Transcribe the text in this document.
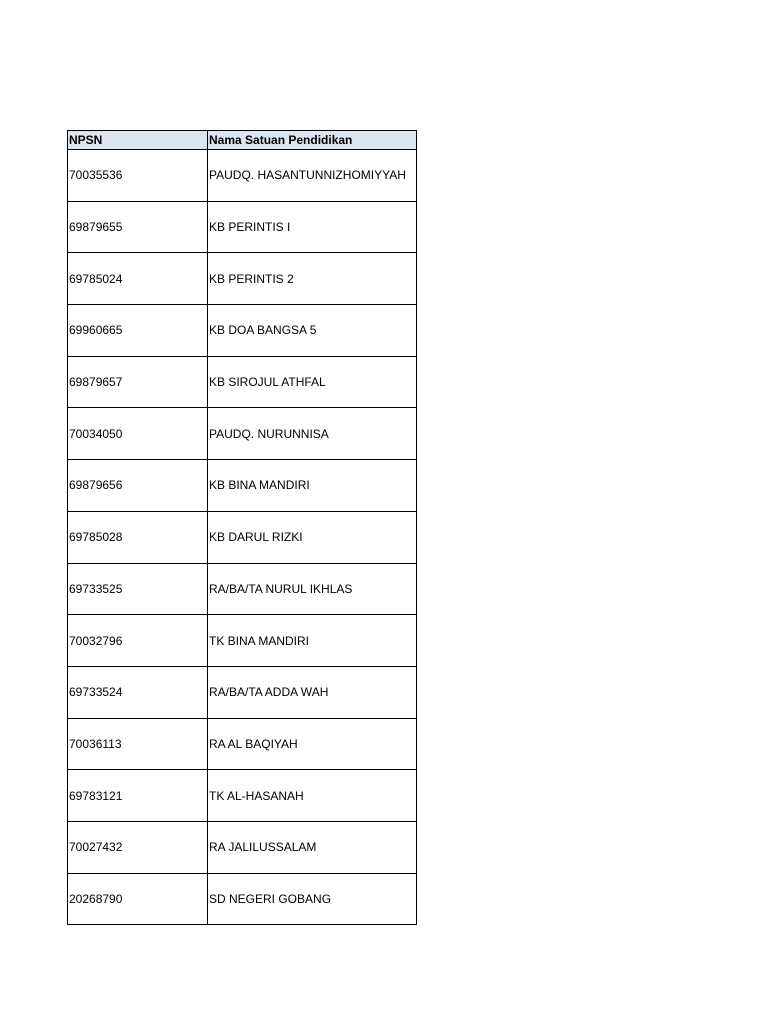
NPSN	Nama Satuan Pendidikan
70035536	PAUDQ. HASANTUNNIZHOMIYYAH
69879655	KB PERINTIS I
69785024	KB PERINTIS 2
69960665	KB DOA BANGSA 5
69879657	KB SIROJUL ATHFAL
70034050	PAUDQ. NURUNNISA
69879656	KB BINA MANDIRI
69785028	KB DARUL RIZKI
69733525	RA/BA/TA NURUL IKHLAS
70032796	TK BINA MANDIRI
69733524	RA/BA/TA ADDA WAH
70036113	RA AL BAQIYAH
69783121	TK AL-HASANAH
70027432	RA JALILUSSALAM
20268790	SD NEGERI GOBANG
